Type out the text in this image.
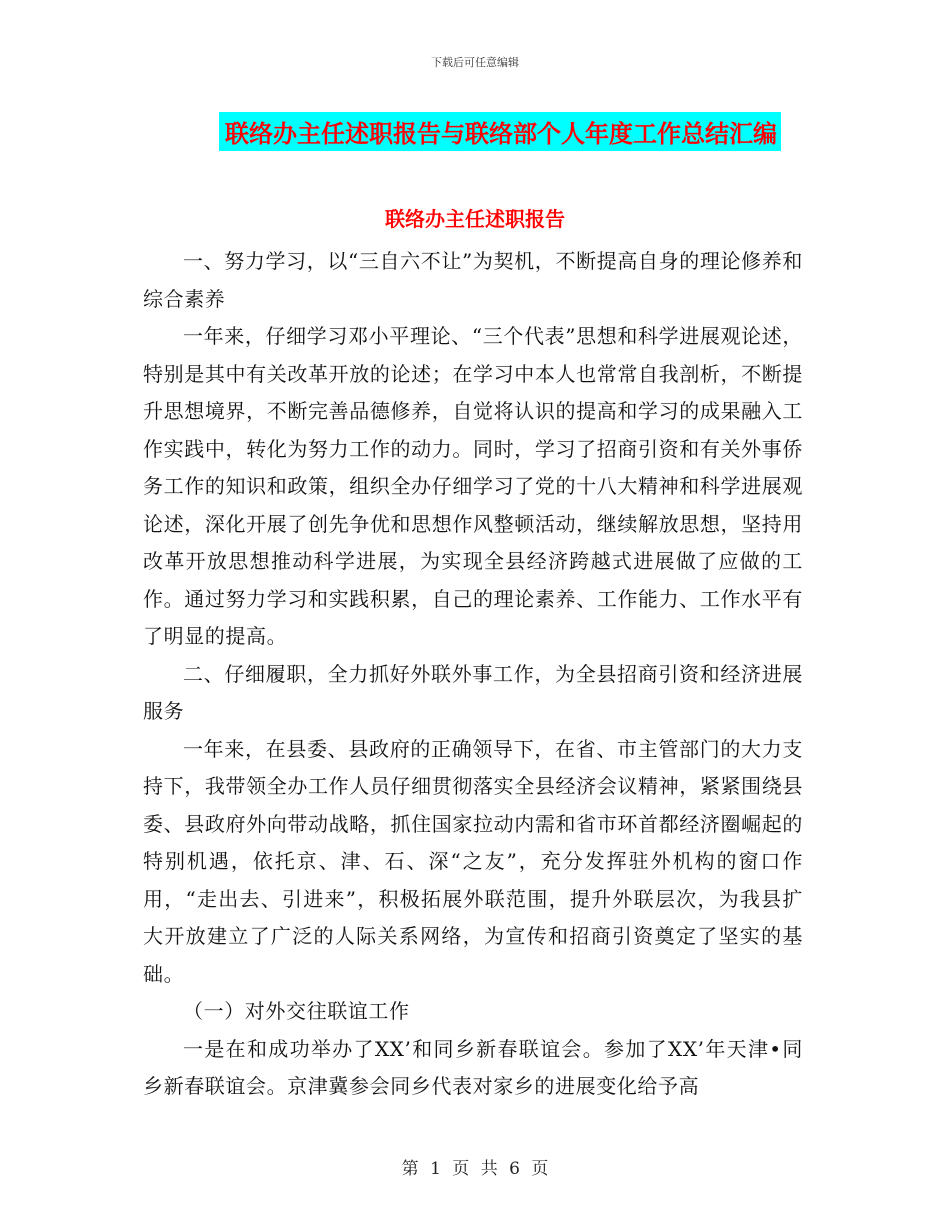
下载后可任意编辑
联络办主任述职报告与联络部个人年度工作总结汇编
联络办主任述职报告

一、努力学习，以“三自六不让”为契机，不断提高自身的理论修养和综合素养

一年来，仔细学习邓小平理论、“三个代表”思想和科学进展观论述，特别是其中有关改革开放的论述；在学习中本人也常常自我剖析，不断提升思想境界，不断完善品德修养，自觉将认识的提高和学习的成果融入工作实践中，转化为努力工作的动力。同时，学习了招商引资和有关外事侨务工作的知识和政策，组织全办仔细学习了党的十八大精神和科学进展观论述，深化开展了创先争优和思想作风整顿活动，继续解放思想，坚持用改革开放思想推动科学进展，为实现全县经济跨越式进展做了应做的工作。通过努力学习和实践积累，自己的理论素养、工作能力、工作水平有了明显的提高。

二、仔细履职，全力抓好外联外事工作，为全县招商引资和经济进展服务

一年来，在县委、县政府的正确领导下，在省、市主管部门的大力支持下，我带领全办工作人员仔细贯彻落实全县经济会议精神，紧紧围绕县委、县政府外向带动战略，抓住国家拉动内需和省市环首都经济圈崛起的特别机遇，依托京、津、石、深“之友”，充分发挥驻外机构的窗口作用，“走出去、引进来”，积极拓展外联范围，提升外联层次，为我县扩大开放建立了广泛的人际关系网络，为宣传和招商引资奠定了坚实的基础。

（一）对外交往联谊工作

一是在和成功举办了XX’和同乡新春联谊会。参加了XX’年天津•同乡新春联谊会。京津冀参会同乡代表对家乡的进展变化给予高

第 1 页 共 6 页
